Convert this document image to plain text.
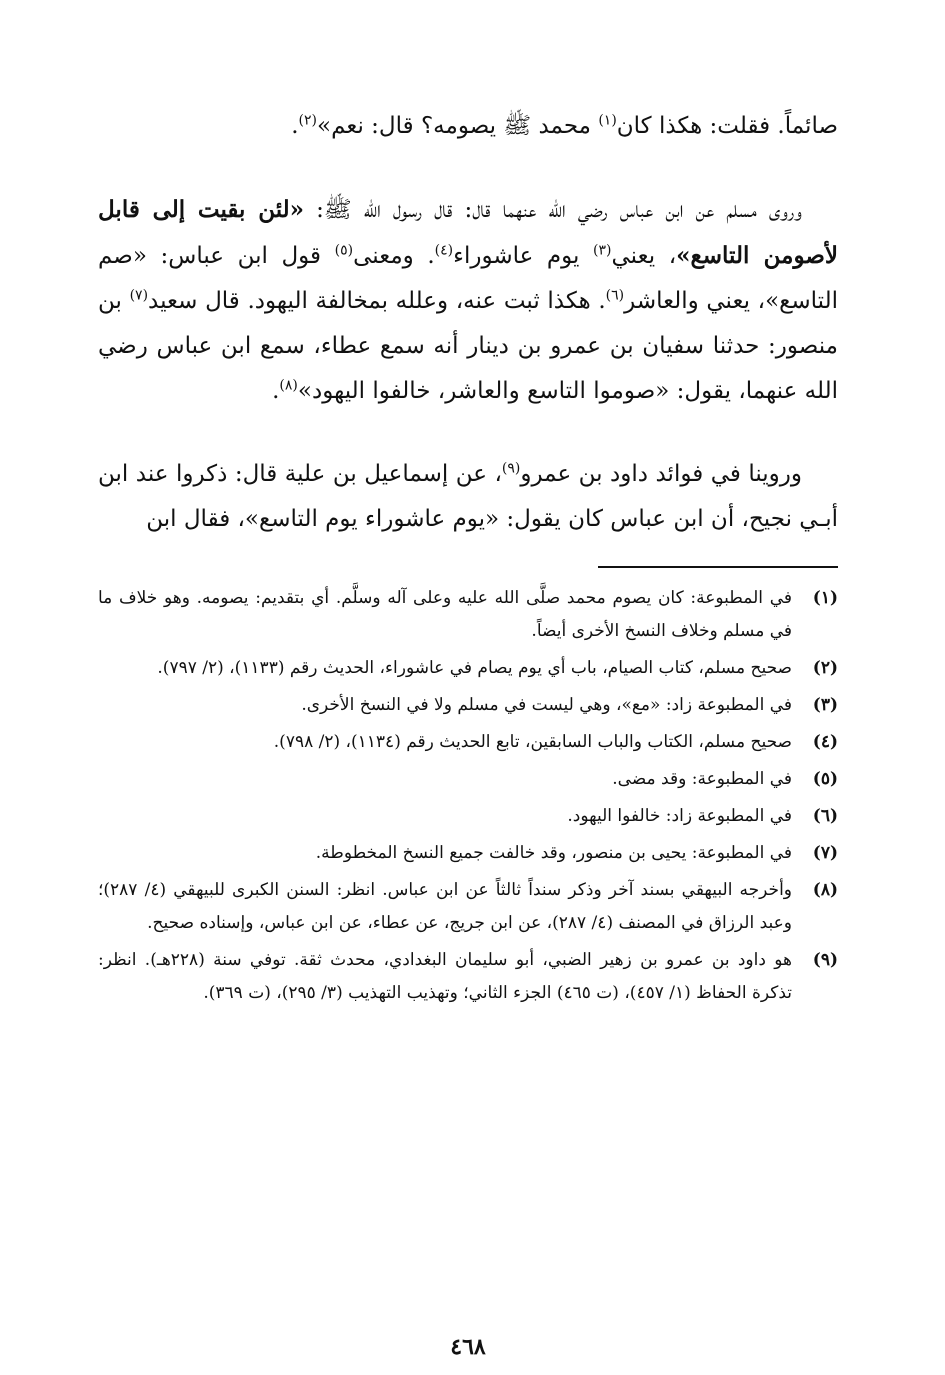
صائماً. فقلت: هكذا كان$^{(١)}$ محمد ﷺ يصومه؟ قال: نعم»$^{(٢)}$.

وروى مسلم عن ابن عباس رضي الله عنهما قال: قال رسول الله ﷺ: «لئن بقيت إلى قابل لأصومن التاسع»، يعني$^{(٣)}$ يوم عاشوراء$^{(٤)}$. ومعنى$^{(٥)}$ قول ابن عباس: «صم التاسع»، يعني والعاشر$^{(٦)}$. هكذا ثبت عنه، وعلله بمخالفة اليهود. قال سعيد$^{(٧)}$ بن منصور: حدثنا سفيان بن عمرو بن دينار أنه سمع عطاء، سمع ابن عباس رضي الله عنهما، يقول: «صوموا التاسع والعاشر، خالفوا اليهود»$^{(٨)}$.

وروينا في فوائد داود بن عمرو$^{(٩)}$، عن إسماعيل بن علية قال: ذكروا عند ابن أبـي نجيح، أن ابن عباس كان يقول: «يوم عاشوراء يوم التاسع»، فقال ابن

(١)
في المطبوعة: كان يصوم محمد صلَّى الله عليه وعلى آله وسلَّم. أي بتقديم: يصومه. وهو خلاف ما في مسلم وخلاف النسخ الأخرى أيضاً.
(٢)
صحيح مسلم، كتاب الصيام، باب أي يوم يصام في عاشوراء، الحديث رقم (١١٣٣)، (٢/ ٧٩٧).
(٣)
في المطبوعة زاد: «مع»، وهي ليست في مسلم ولا في النسخ الأخرى.
(٤)
صحيح مسلم، الكتاب والباب السابقين، تابع الحديث رقم (١١٣٤)، (٢/ ٧٩٨).
(٥)
في المطبوعة: وقد مضى.
(٦)
في المطبوعة زاد: خالفوا اليهود.
(٧)
في المطبوعة: يحيى بن منصور، وقد خالفت جميع النسخ المخطوطة.
(٨)
وأخرجه البيهقي بسند آخر وذكر سنداً ثالثاً عن ابن عباس. انظر: السنن الكبرى للبيهقي (٤/ ٢٨٧)؛ وعبد الرزاق في المصنف (٤/ ٢٨٧)، عن ابن جريج، عن عطاء، عن ابن عباس، وإسناده صحيح.
(٩)
هو داود بن عمرو بن زهير الضبي، أبو سليمان البغدادي، محدث ثقة. توفي سنة (٢٢٨هـ). انظر: تذكرة الحفاظ (١/ ٤٥٧)، (ت ٤٦٥) الجزء الثاني؛ وتهذيب التهذيب (٣/ ٢٩٥)، (ت ٣٦٩).
٤٦٨
